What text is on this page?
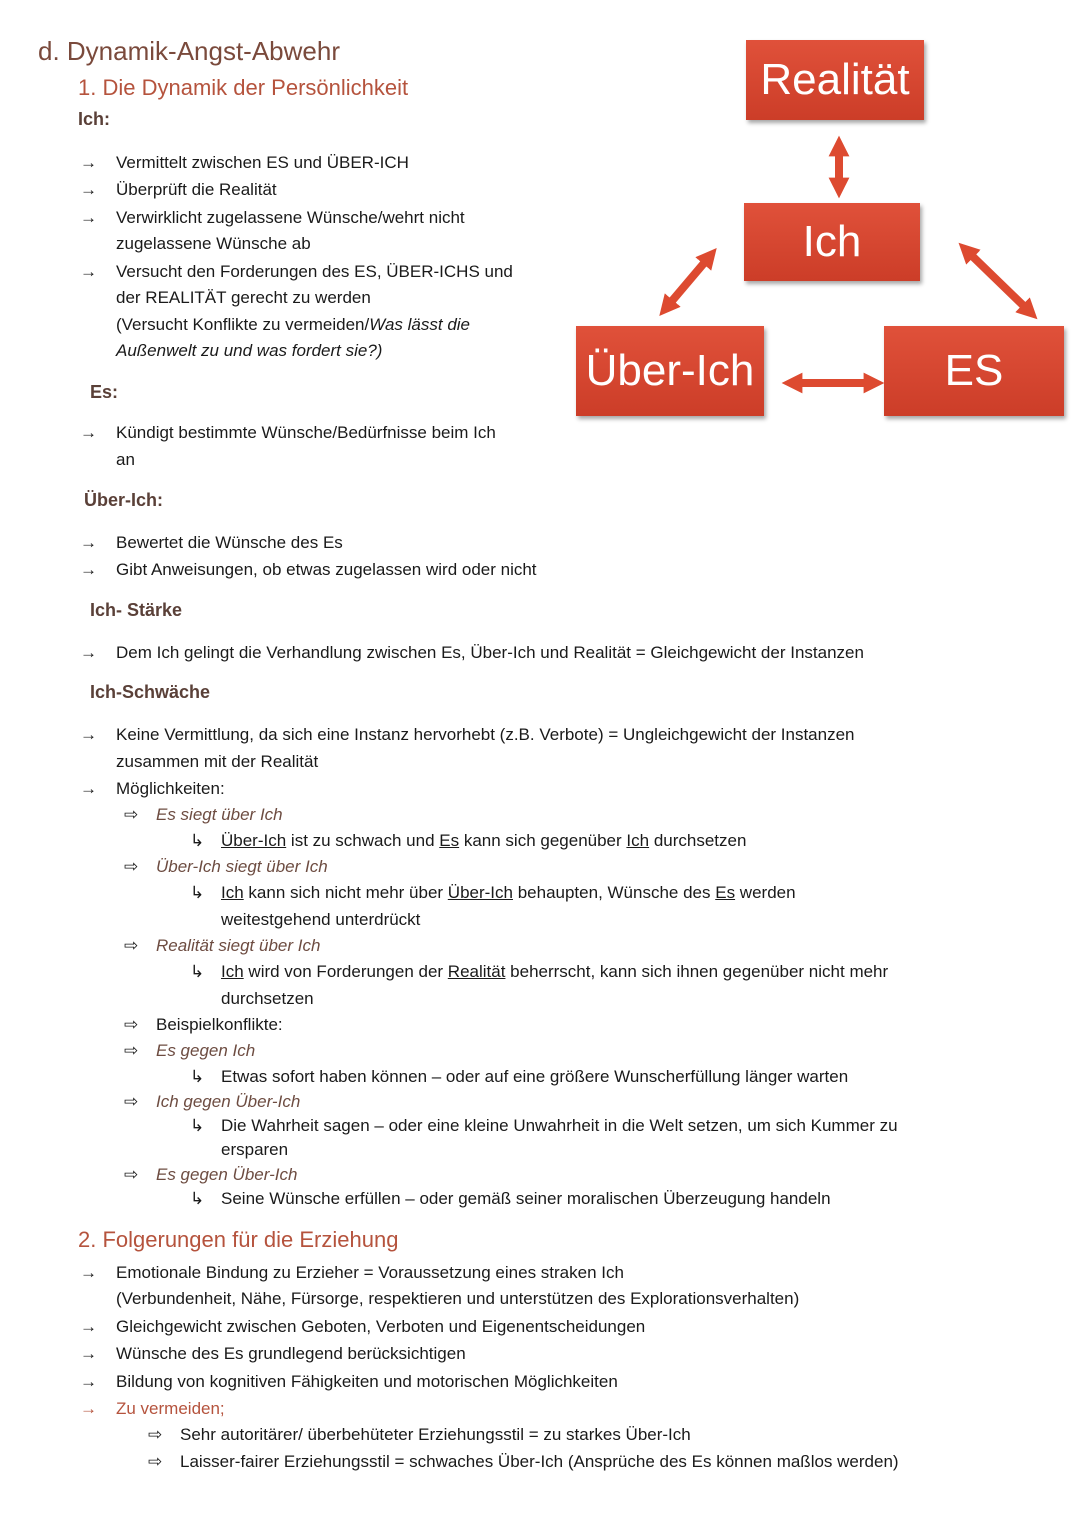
d. Dynamik-Angst-Abwehr
1. Die Dynamik der Persönlichkeit
Ich:
→	Vermittelt zwischen ES und ÜBER-ICH
→	Überprüft die Realität
→	Verwirklicht zugelassene Wünsche/wehrt nicht
zugelassene Wünsche ab
→	Versucht den Forderungen des ES, ÜBER-ICHS und
der REALITÄT gerecht zu werden
(Versucht Konflikte zu vermeiden/Was lässt die
Außenwelt zu und was fordert sie?)
Es:
→	Kündigt bestimmte Wünsche/Bedürfnisse beim Ich
an
Über-Ich:
→	Bewertet die Wünsche des Es
→	Gibt Anweisungen, ob etwas zugelassen wird oder nicht
Ich- Stärke
→	Dem Ich gelingt die Verhandlung zwischen Es, Über-Ich und Realität = Gleichgewicht der Instanzen
Ich-Schwäche
→	Keine Vermittlung, da sich eine Instanz hervorhebt (z.B. Verbote) = Ungleichgewicht der Instanzen
zusammen mit der Realität
→	Möglichkeiten:
⇨ Es siegt über Ich
↳ Über-Ich ist zu schwach und Es kann sich gegenüber Ich durchsetzen
⇨ Über-Ich siegt über Ich
↳ Ich kann sich nicht mehr über Über-Ich behaupten, Wünsche des Es werden
weitestgehend unterdrückt
⇨ Realität siegt über Ich
↳ Ich wird von Forderungen der Realität beherrscht, kann sich ihnen gegenüber nicht mehr
durchsetzen
⇨ Beispielkonflikte:
⇨ Es gegen Ich
↳ Etwas sofort haben können – oder auf eine größere Wunscherfüllung länger warten
⇨ Ich gegen Über-Ich
↳ Die Wahrheit sagen – oder eine kleine Unwahrheit in die Welt setzen, um sich Kummer zu
ersparen
⇨ Es gegen Über-Ich
↳ Seine Wünsche erfüllen – oder gemäß seiner moralischen Überzeugung handeln
2. Folgerungen für die Erziehung
→	Emotionale Bindung zu Erzieher = Voraussetzung eines straken Ich
(Verbundenheit, Nähe, Fürsorge, respektieren und unterstützen des Explorationsverhalten)
→	Gleichgewicht zwischen Geboten, Verboten und Eigenentscheidungen
→	Wünsche des Es grundlegend berücksichtigen
→	Bildung von kognitiven Fähigkeiten und motorischen Möglichkeiten
→	Zu vermeiden;
⇨ Sehr autoritärer/ überbehüteter Erziehungsstil = zu starkes Über-Ich
⇨ Laisser-fairer Erziehungsstil = schwaches Über-Ich (Ansprüche des Es können maßlos werden)
Realität
Ich
Über-Ich	ES
